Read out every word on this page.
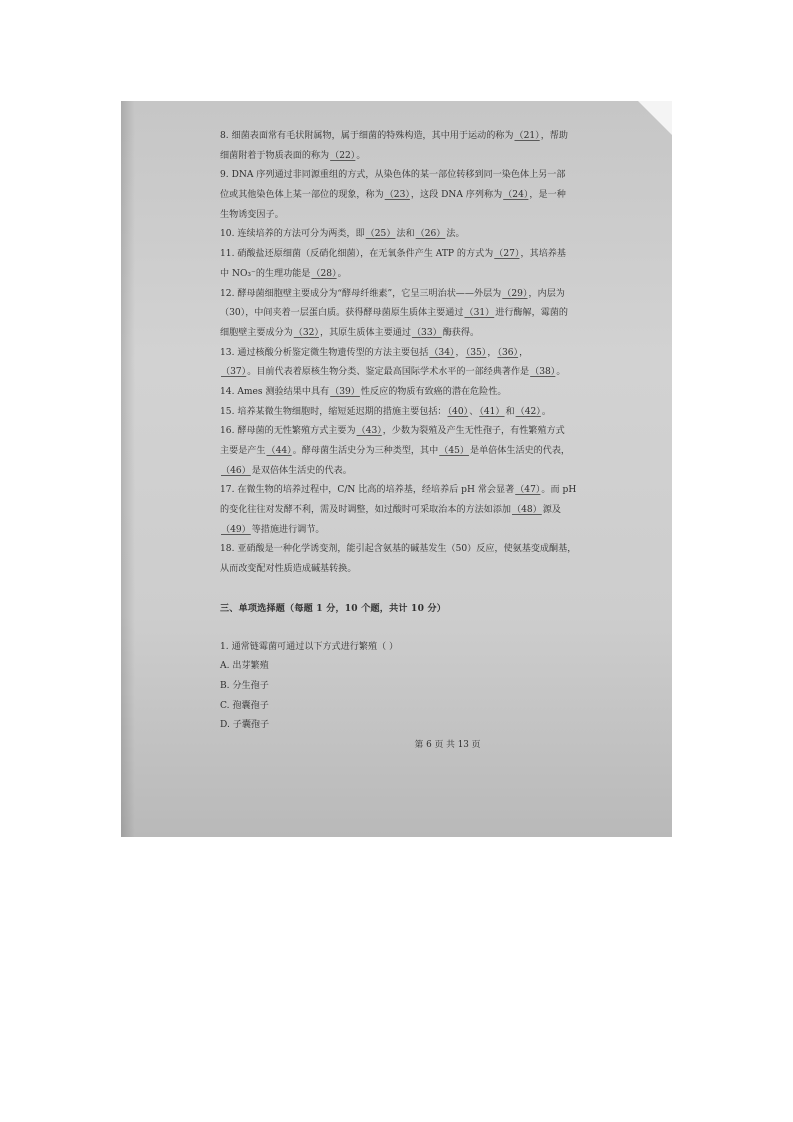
8. 细菌表面常有毛状附属物，属于细菌的特殊构造，其中用于运动的称为（21），帮助
细菌附着于物质表面的称为（22）。
9. DNA 序列通过非同源重组的方式，从染色体的某一部位转移到同一染色体上另一部
位或其他染色体上某一部位的现象，称为（23），这段 DNA 序列称为（24），是一种
生物诱变因子。
10. 连续培养的方法可分为两类，即（25）法和（26）法。
11. 硝酸盐还原细菌（反硝化细菌），在无氧条件产生 ATP 的方式为（27），其培养基
中 NO₃⁻的生理功能是（28）。
12. 酵母菌细胞壁主要成分为“酵母纤维素”，它呈三明治状——外层为（29），内层为
（30），中间夹着一层蛋白质。获得酵母菌原生质体主要通过（31）进行酶解，霉菌的
细胞壁主要成分为（32），其原生质体主要通过（33）酶获得。
13. 通过核酸分析鉴定微生物遗传型的方法主要包括（34），（35），（36），
（37）。目前代表着原核生物分类、鉴定最高国际学术水平的一部经典著作是（38）。
14. Ames 测验结果中具有（39）性反应的物质有致癌的潜在危险性。
15. 培养某微生物细胞时，缩短延迟期的措施主要包括：（40）、（41）和（42）。
16. 酵母菌的无性繁殖方式主要为（43），少数为裂殖及产生无性孢子，有性繁殖方式
主要是产生（44）。酵母菌生活史分为三种类型，其中（45）是单倍体生活史的代表，
（46）是双倍体生活史的代表。
17. 在微生物的培养过程中，C/N 比高的培养基，经培养后 pH 常会显著（47）。而 pH
的变化往往对发酵不利，需及时调整，如过酸时可采取治本的方法如添加（48）源及
（49）等措施进行调节。
18. 亚硝酸是一种化学诱变剂，能引起含氨基的碱基发生（50）反应，使氨基变成酮基，
从而改变配对性质造成碱基转换。
三、单项选择题（每题 1 分，10 个题，共计 10 分）
1. 通常链霉菌可通过以下方式进行繁殖（ ）
A. 出芽繁殖
B. 分生孢子
C. 孢囊孢子
D. 子囊孢子
第 6 页 共 13 页
